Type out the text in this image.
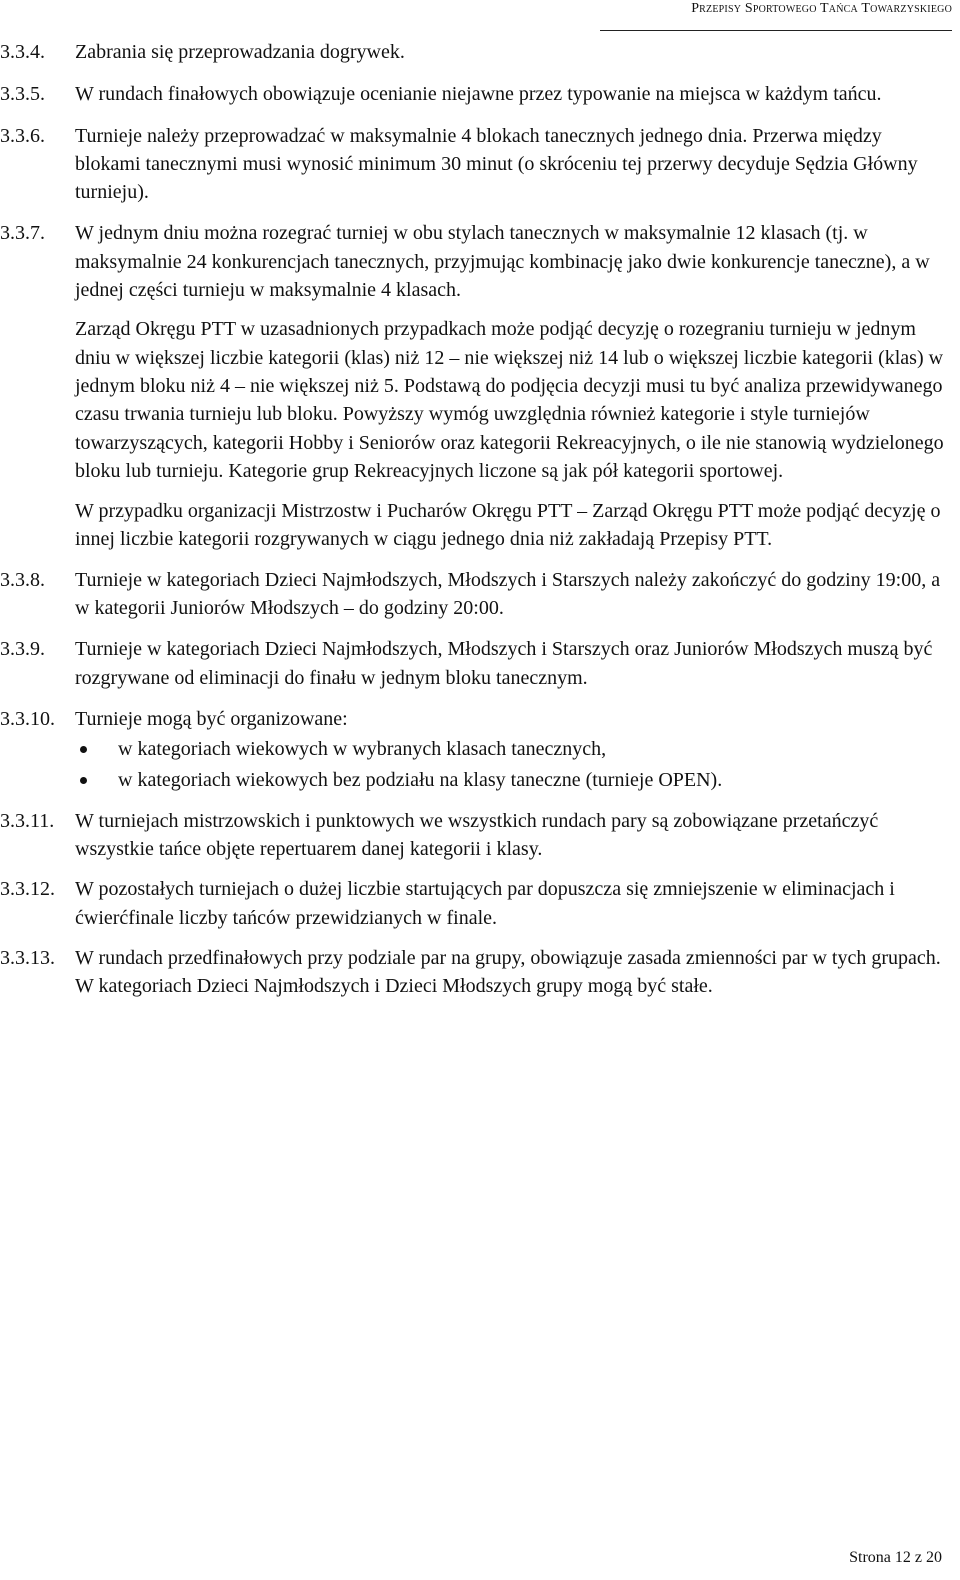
Przepisy Sportowego Tańca Towarzyskiego
3.3.4.	Zabrania się przeprowadzania dogrywek.
3.3.5.	W rundach finałowych obowiązuje ocenianie niejawne przez typowanie na miejsca w każdym tańcu.
3.3.6.	Turnieje należy przeprowadzać w maksymalnie 4 blokach tanecznych jednego dnia. Przerwa między blokami tanecznymi musi wynosić minimum 30 minut (o skróceniu tej przerwy decyduje Sędzia Główny turnieju).
3.3.7.	W jednym dniu można rozegrać turniej w obu stylach tanecznych w maksymalnie 12 klasach (tj. w maksymalnie 24 konkurencjach tanecznych, przyjmując kombinację jako dwie konkurencje taneczne), a w jednej części turnieju w maksymalnie 4 klasach.
Zarząd Okręgu PTT w uzasadnionych przypadkach może podjąć decyzję o rozegraniu turnieju w jednym dniu w większej liczbie kategorii (klas) niż 12 – nie większej niż 14 lub o większej liczbie kategorii (klas) w jednym bloku niż 4 – nie większej niż 5. Podstawą do podjęcia decyzji musi tu być analiza przewidywanego czasu trwania turnieju lub bloku. Powyższy wymóg uwzględnia również kategorie i style turniejów towarzyszących, kategorii Hobby i Seniorów oraz kategorii Rekreacyjnych, o ile nie stanowią wydzielonego bloku lub turnieju. Kategorie grup Rekreacyjnych liczone są jak pół kategorii sportowej.
W przypadku organizacji Mistrzostw i Pucharów Okręgu PTT – Zarząd Okręgu PTT może podjąć decyzję o innej liczbie kategorii rozgrywanych w ciągu jednego dnia niż zakładają Przepisy PTT.
3.3.8.	Turnieje w kategoriach Dzieci Najmłodszych, Młodszych i Starszych należy zakończyć do godziny 19:00, a w kategorii Juniorów Młodszych – do godziny 20:00.
3.3.9.	Turnieje w kategoriach Dzieci Najmłodszych, Młodszych i Starszych oraz Juniorów Młodszych muszą być rozgrywane od eliminacji do finału w jednym bloku tanecznym.
3.3.10.	Turnieje mogą być organizowane:
w kategoriach wiekowych w wybranych klasach tanecznych,
w kategoriach wiekowych bez podziału na klasy taneczne (turnieje OPEN).
3.3.11.	W turniejach mistrzowskich i punktowych we wszystkich rundach pary są zobowiązane przetańczyć wszystkie tańce objęte repertuarem danej kategorii i klasy.
3.3.12.	W pozostałych turniejach o dużej liczbie startujących par dopuszcza się zmniejszenie w eliminacjach i ćwierćfinale liczby tańców przewidzianych w finale.
3.3.13.	W rundach przedfinałowych przy podziale par na grupy, obowiązuje zasada zmienności par w tych grupach. W kategoriach Dzieci Najmłodszych i Dzieci Młodszych grupy mogą być stałe.
Strona 12 z 20
